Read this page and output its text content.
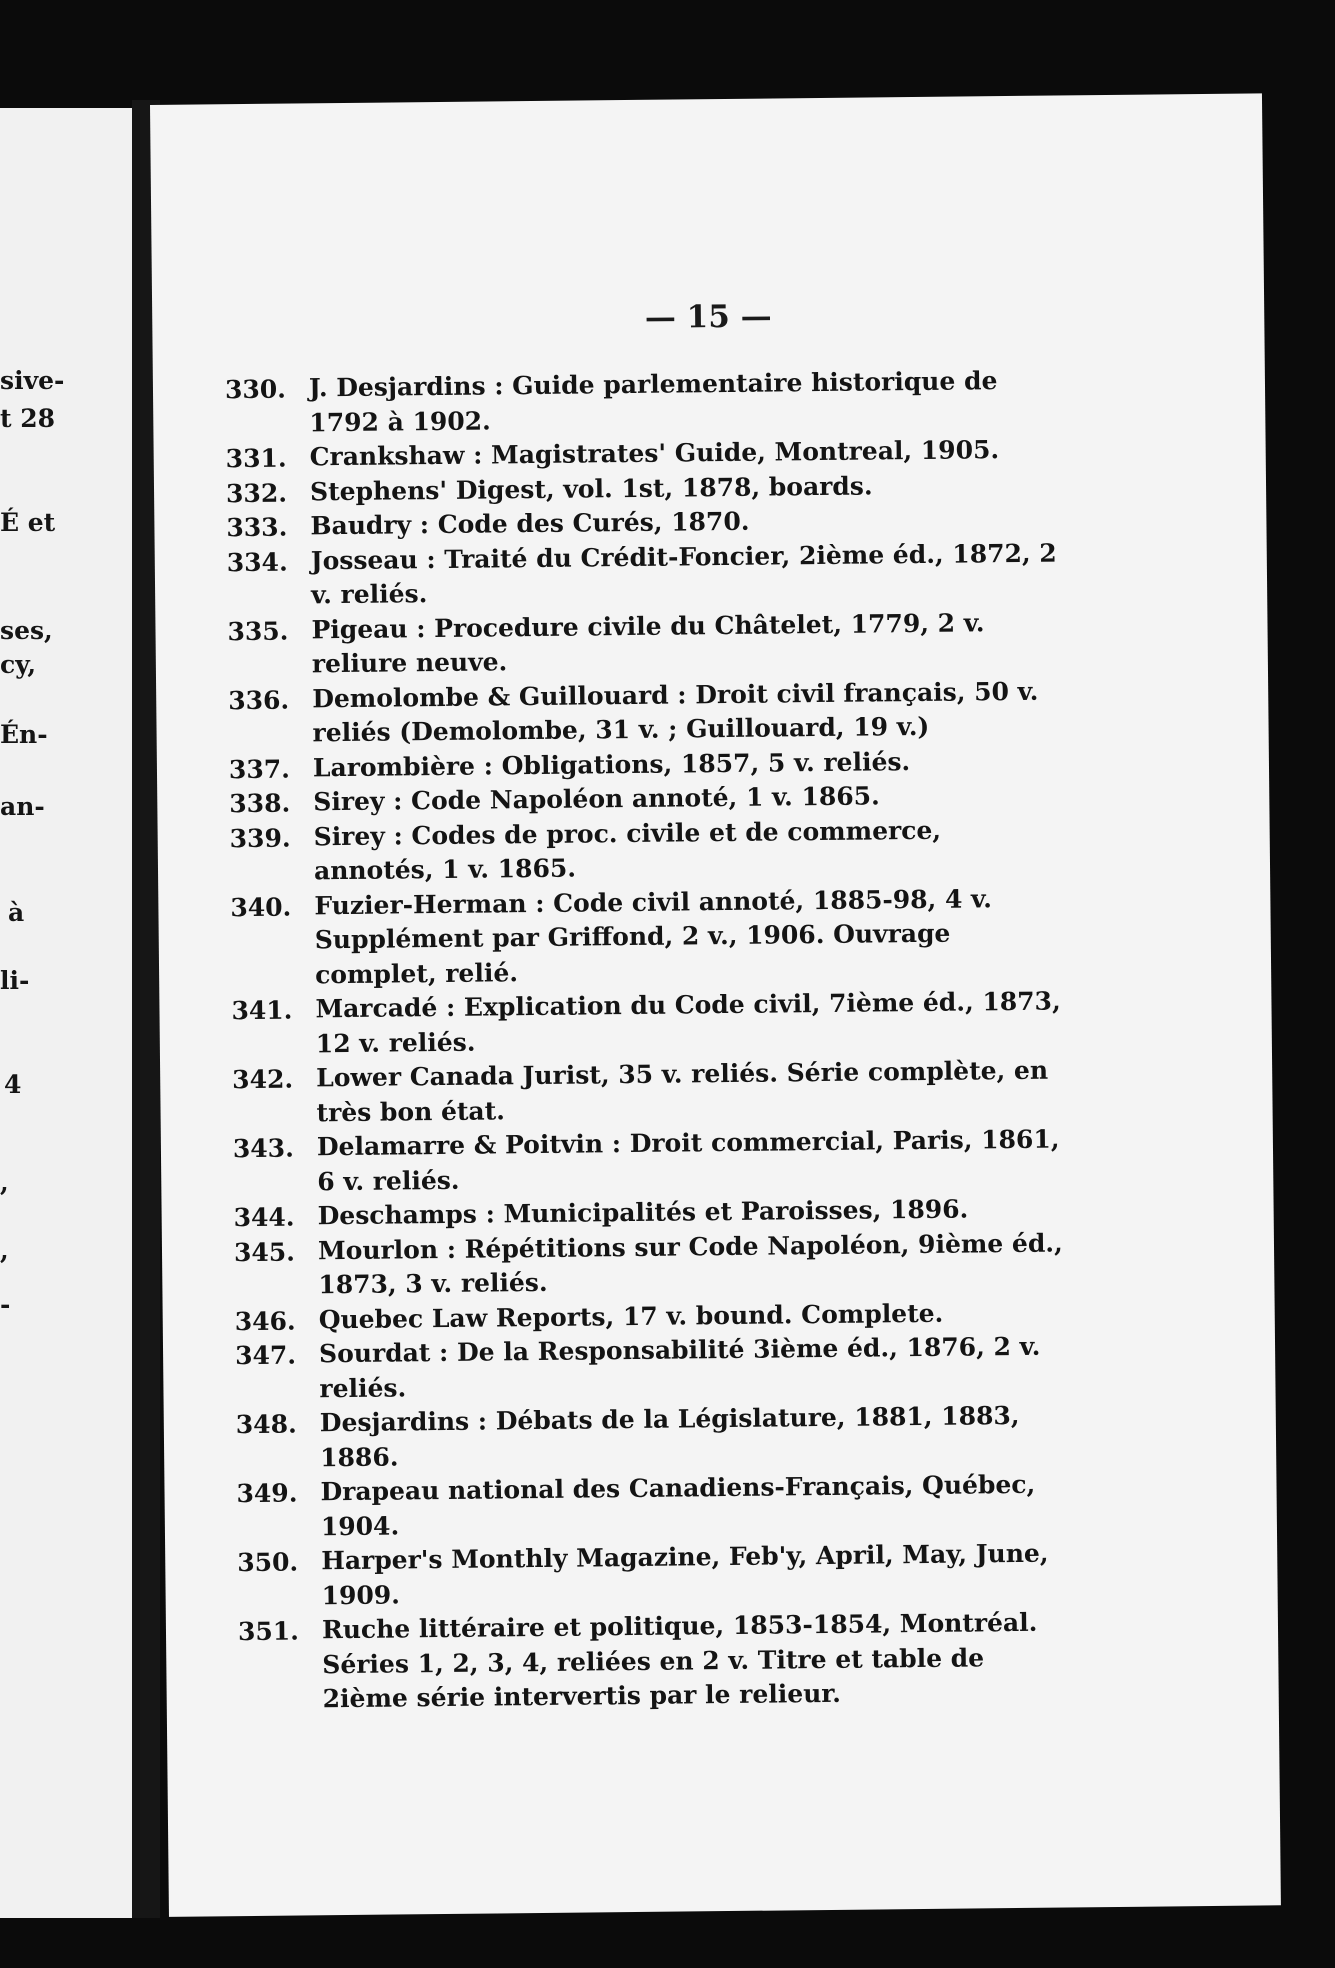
sive-
t 28
É et
ses,
cy,
Én-
an-
à
li-
4
,
,
-
— 15 —
330. J. Desjardins : Guide parlementaire historique de 1792 à 1902.
331. Crankshaw : Magistrates' Guide, Montreal, 1905.
332. Stephens' Digest, vol. 1st, 1878, boards.
333. Baudry : Code des Curés, 1870.
334. Josseau : Traité du Crédit-Foncier, 2ième éd., 1872, 2 v. reliés.
335. Pigeau : Procedure civile du Châtelet, 1779, 2 v. reliure neuve.
336. Demolombe & Guillouard : Droit civil français, 50 v. reliés (Demolombe, 31 v. ; Guillouard, 19 v.)
337. Larombière : Obligations, 1857, 5 v. reliés.
338. Sirey : Code Napoléon annoté, 1 v. 1865.
339. Sirey : Codes de proc. civile et de commerce, annotés, 1 v. 1865.
340. Fuzier-Herman : Code civil annoté, 1885-98, 4 v. Supplément par Griffond, 2 v., 1906. Ouvrage complet, relié.
341. Marcadé : Explication du Code civil, 7ième éd., 1873, 12 v. reliés.
342. Lower Canada Jurist, 35 v. reliés. Série complète, en très bon état.
343. Delamarre & Poitvin : Droit commercial, Paris, 1861, 6 v. reliés.
344. Deschamps : Municipalités et Paroisses, 1896.
345. Mourlon : Répétitions sur Code Napoléon, 9ième éd., 1873, 3 v. reliés.
346. Quebec Law Reports, 17 v. bound. Complete.
347. Sourdat : De la Responsabilité 3ième éd., 1876, 2 v. reliés.
348. Desjardins : Débats de la Législature, 1881, 1883, 1886.
349. Drapeau national des Canadiens-Français, Québec, 1904.
350. Harper's Monthly Magazine, Feb'y, April, May, June, 1909.
351. Ruche littéraire et politique, 1853-1854, Montréal. Séries 1, 2, 3, 4, reliées en 2 v. Titre et table de 2ième série intervertis par le relieur.
